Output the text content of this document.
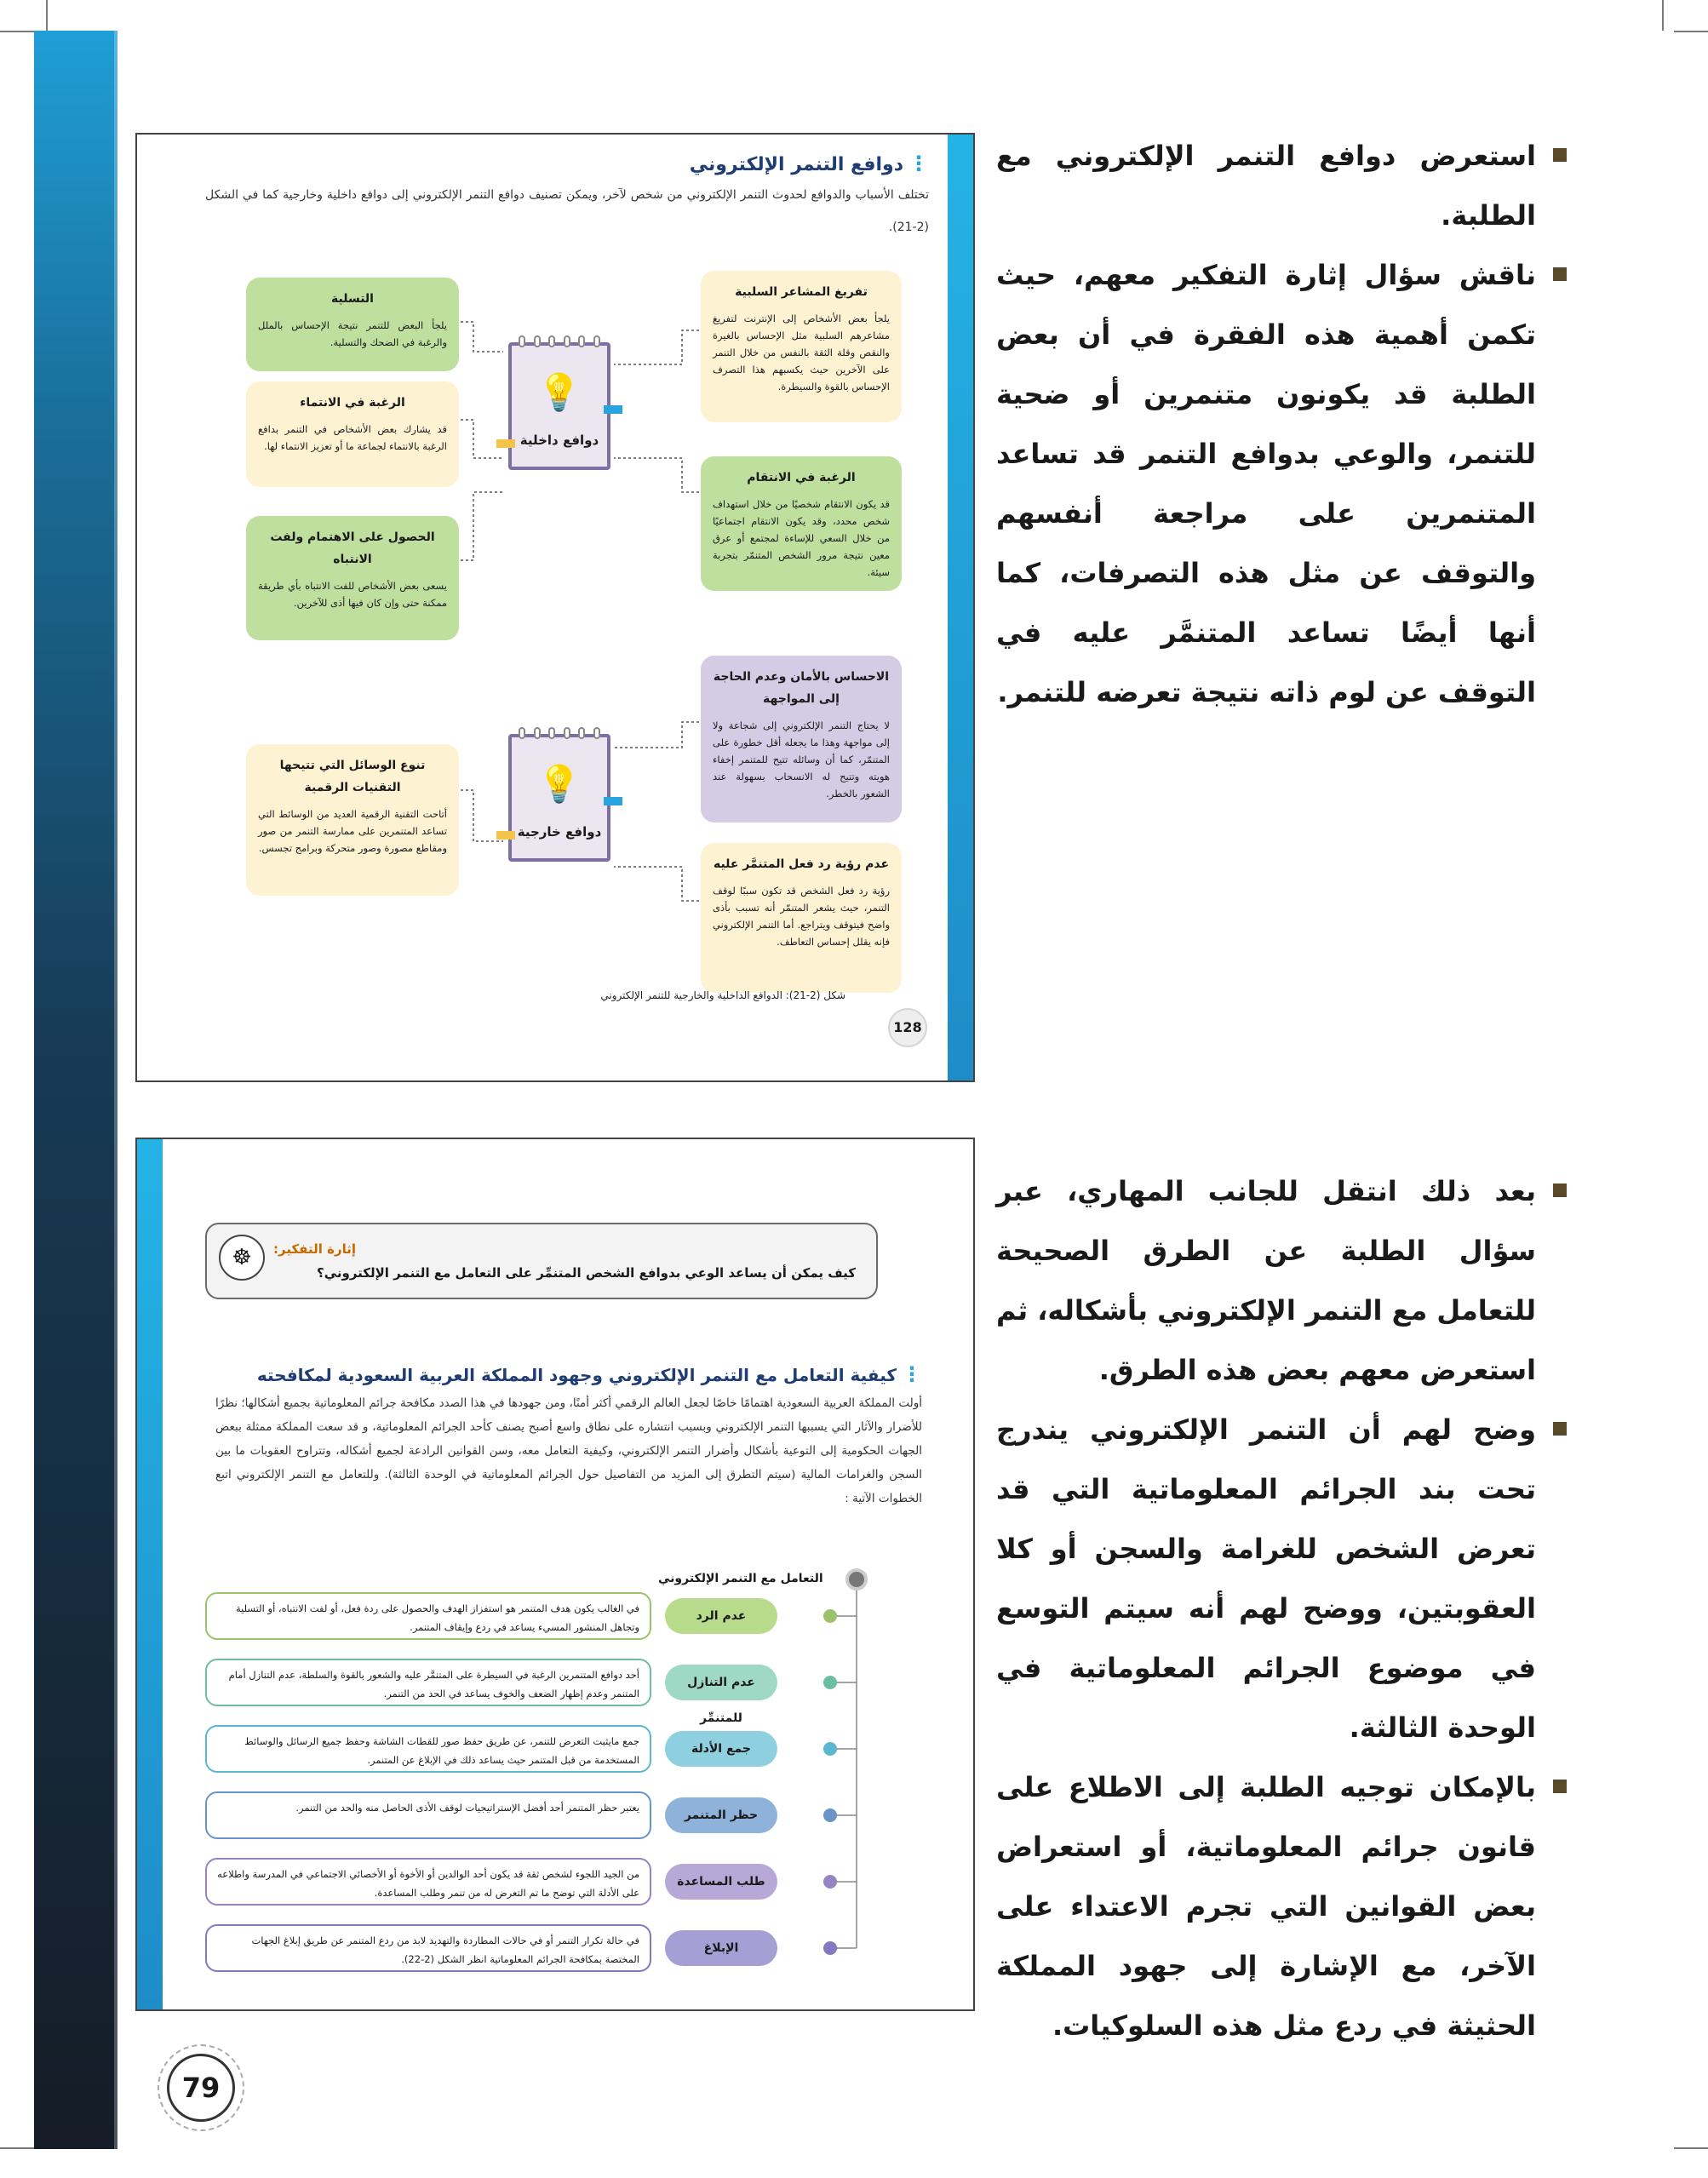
استعرض دوافع التنمر الإلكتروني مع الطلبة.
ناقش سؤال إثارة التفكير معهم، حيث تكمن أهمية هذه الفقرة في أن بعض الطلبة قد يكونون متنمرين أو ضحية للتنمر، والوعي بدوافع التنمر قد تساعد المتنمرين على مراجعة أنفسهم والتوقف عن مثل هذه التصرفات، كما أنها أيضًا تساعد المتنمَّر عليه في التوقف عن لوم ذاته نتيجة تعرضه للتنمر.
⋮ دوافع التنمر الإلكتروني
تختلف الأسباب والدوافع لحدوث التنمر الإلكتروني من شخص لآخر، ويمكن تصنيف دوافع التنمر الإلكتروني إلى دوافع داخلية وخارجية كما في الشكل (2-21).
التسلية
يلجأ البعض للتنمر نتيجة الإحساس بالملل والرغبة في الضحك والتسلية.
الرغبة في الانتماء
قد يشارك بعض الأشخاص في التنمر بدافع الرغبة بالانتماء لجماعة ما أو تعزيز الانتماء لها.
الحصول على الاهتمام ولفت الانتباه
يسعى بعض الأشخاص للفت الانتباه بأي طريقة ممكنة حتى وإن كان فيها أذى للآخرين.
💡
دوافع داخلية
تفريغ المشاعر السلبية
يلجأ بعض الأشخاص إلى الإنترنت لتفريغ مشاعرهم السلبية مثل الإحساس بالغيرة والنقص وقلة الثقة بالنفس من خلال التنمر على الآخرين حيث يكسبهم هذا التصرف الإحساس بالقوة والسيطرة.
الرغبة في الانتقام
قد يكون الانتقام شخصيًا من خلال استهداف شخص محدد، وقد يكون الانتقام اجتماعيًا من خلال السعي للإساءة لمجتمع أو عرق معين نتيجة مرور الشخص المتنمّر بتجربة سيئة.
💡
دوافع خارجية
تنوع الوسائل التي تتيحها التقنيات الرقمية
أتاحت التقنية الرقمية العديد من الوسائط التي تساعد المتنمرين على ممارسة التنمر من صور ومقاطع مصورة وصور متحركة وبرامج تجسس.
الاحساس بالأمان وعدم الحاجة إلى المواجهة
لا يحتاج التنمر الإلكتروني إلى شجاعة ولا إلى مواجهة وهذا ما يجعله أقل خطورة على المتنمّر، كما أن وسائله تتيح للمتنمر إخفاء هويته وتتيح له الانسحاب بسهولة عند الشعور بالخطر.
عدم رؤية رد فعل المتنمَّر عليه
رؤية رد فعل الشخص قد تكون سببًا لوقف التنمر، حيث يشعر المتنمّر أنه تسبب بأذى واضح فيتوقف ويتراجع. أما التنمر الإلكتروني فإنه يقلل إحساس التعاطف.
شكل (2-21): الدوافع الداخلية والخارجية للتنمر الإلكتروني
128
بعد ذلك انتقل للجانب المهاري، عبر سؤال الطلبة عن الطرق الصحيحة للتعامل مع التنمر الإلكتروني بأشكاله، ثم استعرض معهم بعض هذه الطرق.
وضح لهم أن التنمر الإلكتروني يندرج تحت بند الجرائم المعلوماتية التي قد تعرض الشخص للغرامة والسجن أو كلا العقوبتين، ووضح لهم أنه سيتم التوسع في موضوع الجرائم المعلوماتية في الوحدة الثالثة.
بالإمكان توجيه الطلبة إلى الاطلاع على قانون جرائم المعلوماتية، أو استعراض بعض القوانين التي تجرم الاعتداء على الآخر، مع الإشارة إلى جهود المملكة الحثيثة في ردع مثل هذه السلوكيات.
☸	إثارة التفكير:
كيف يمكن أن يساعد الوعي بدوافع الشخص المتنمِّر على التعامل مع التنمر الإلكتروني؟
⋮ كيفية التعامل مع التنمر الإلكتروني وجهود المملكة العربية السعودية لمكافحته
أولت المملكة العربية السعودية اهتمامًا خاصًا لجعل العالم الرقمي أكثر أمنًا، ومن جهودها في هذا الصدد مكافحة جرائم المعلوماتية بجميع أشكالها؛ نظرًا للأضرار والآثار التي يسببها التنمر الإلكتروني وبسبب انتشاره على نطاق واسع أصبح يصنف كأحد الجرائم المعلوماتية، و قد سعت المملكة ممثلة ببعض الجهات الحكومية إلى التوعية بأشكال وأضرار التنمر الإلكتروني، وكيفية التعامل معه، وسن القوانين الرادعة لجميع أشكاله، وتتراوح العقوبات ما بين السجن والغرامات المالية (سيتم التطرق إلى المزيد من التفاصيل حول الجرائم المعلوماتية في الوحدة الثالثة). وللتعامل مع التنمر الإلكتروني اتبع الخطوات الآتية :
التعامل مع التنمر الإلكتروني
عدم الرد
في الغالب يكون هدف المتنمر هو استفزاز الهدف والحصول على ردة فعل، أو لفت الانتباه، أو التسلية وتجاهل المنشور المسيء يساعد في ردع وإيقاف المتنمر.
عدم التنازل للمتنمِّر
أحد دوافع المتنمرين الرغبة في السيطرة على المتنمَّر عليه والشعور بالقوة والسلطة، عدم التنازل أمام المتنمر وعدم إظهار الضعف والخوف يساعد في الحد من التنمر.
جمع الأدلة
جمع مايثبت التعرض للتنمر، عن طريق حفظ صور للقطات الشاشة وحفظ جميع الرسائل والوسائط المستخدمة من قبل المتنمر حيث يساعد ذلك في الإبلاغ عن المتنمر.
حظر المتنمر
يعتبر حظر المتنمر أحد أفضل الإستراتيجيات لوقف الأذى الحاصل منه والحد من التنمر.
طلب المساعدة
من الجيد اللجوء لشخص ثقة قد يكون أحد الوالدين أو الأخوة أو الأخصائي الاجتماعي في المدرسة واطلاعه على الأدلة التي توضح ما تم التعرض له من تنمر وطلب المساعدة.
الإبلاغ
في حالة تكرار التنمر أو في حالات المطاردة والتهديد لابد من ردع المتنمر عن طريق إبلاغ الجهات المختصة بمكافحة الجرائم المعلوماتية انظر الشكل (2-22).
79
